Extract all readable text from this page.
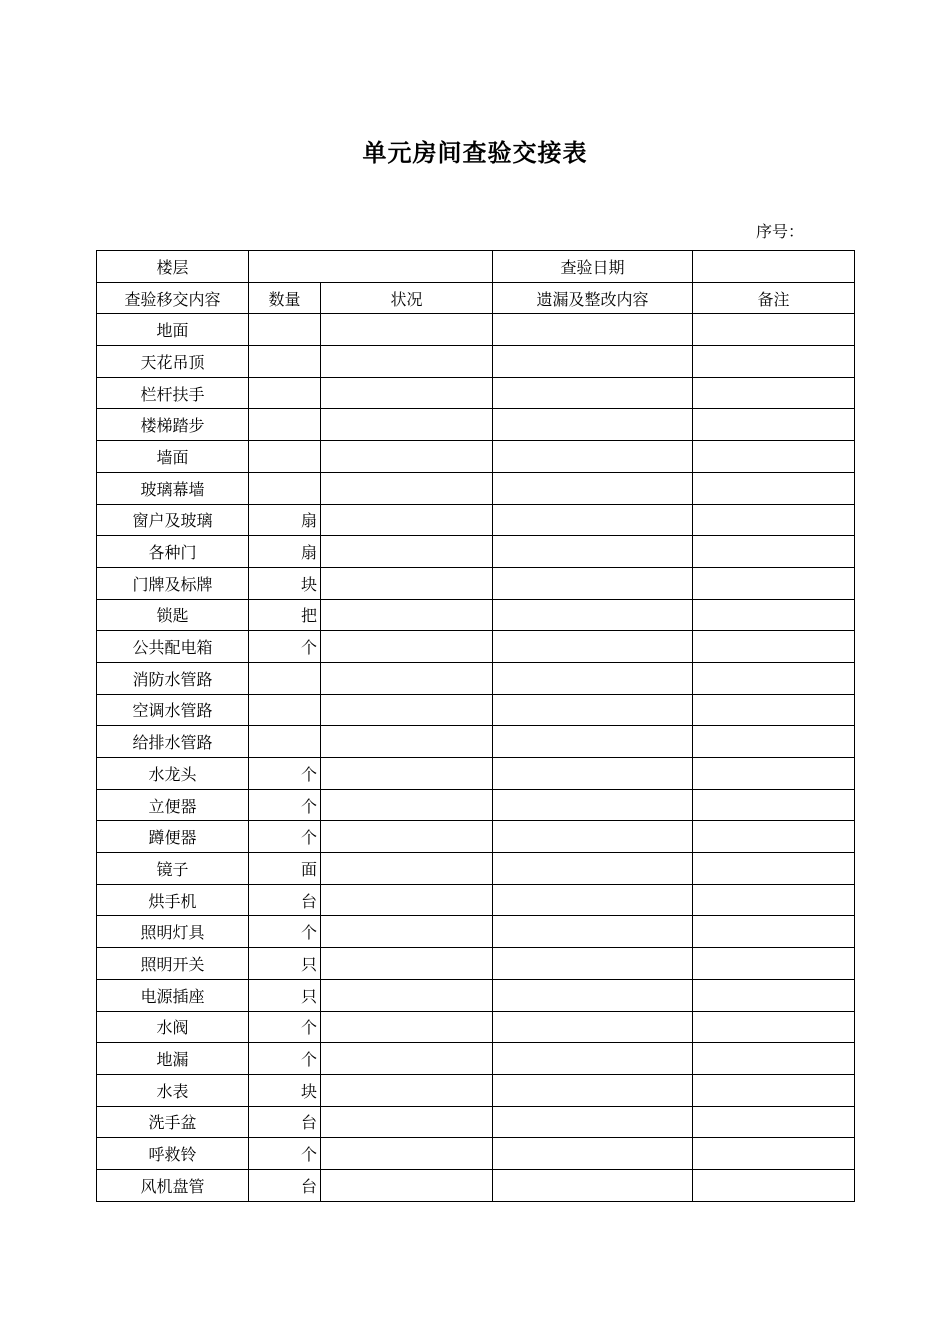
单元房间查验交接表
序号：
楼层			查验日期	
查验移交内容	数量	状况	遗漏及整改内容	备注
地面				
天花吊顶				
栏杆扶手				
楼梯踏步				
墙面				
玻璃幕墙				
窗户及玻璃	扇			
各种门	扇			
门牌及标牌	块			
锁匙	把			
公共配电箱	个			
消防水管路				
空调水管路				
给排水管路				
水龙头	个			
立便器	个			
蹲便器	个			
镜子	面			
烘手机	台			
照明灯具	个			
照明开关	只			
电源插座	只			
水阀	个			
地漏	个			
水表	块			
洗手盆	台			
呼救铃	个			
风机盘管	台			
